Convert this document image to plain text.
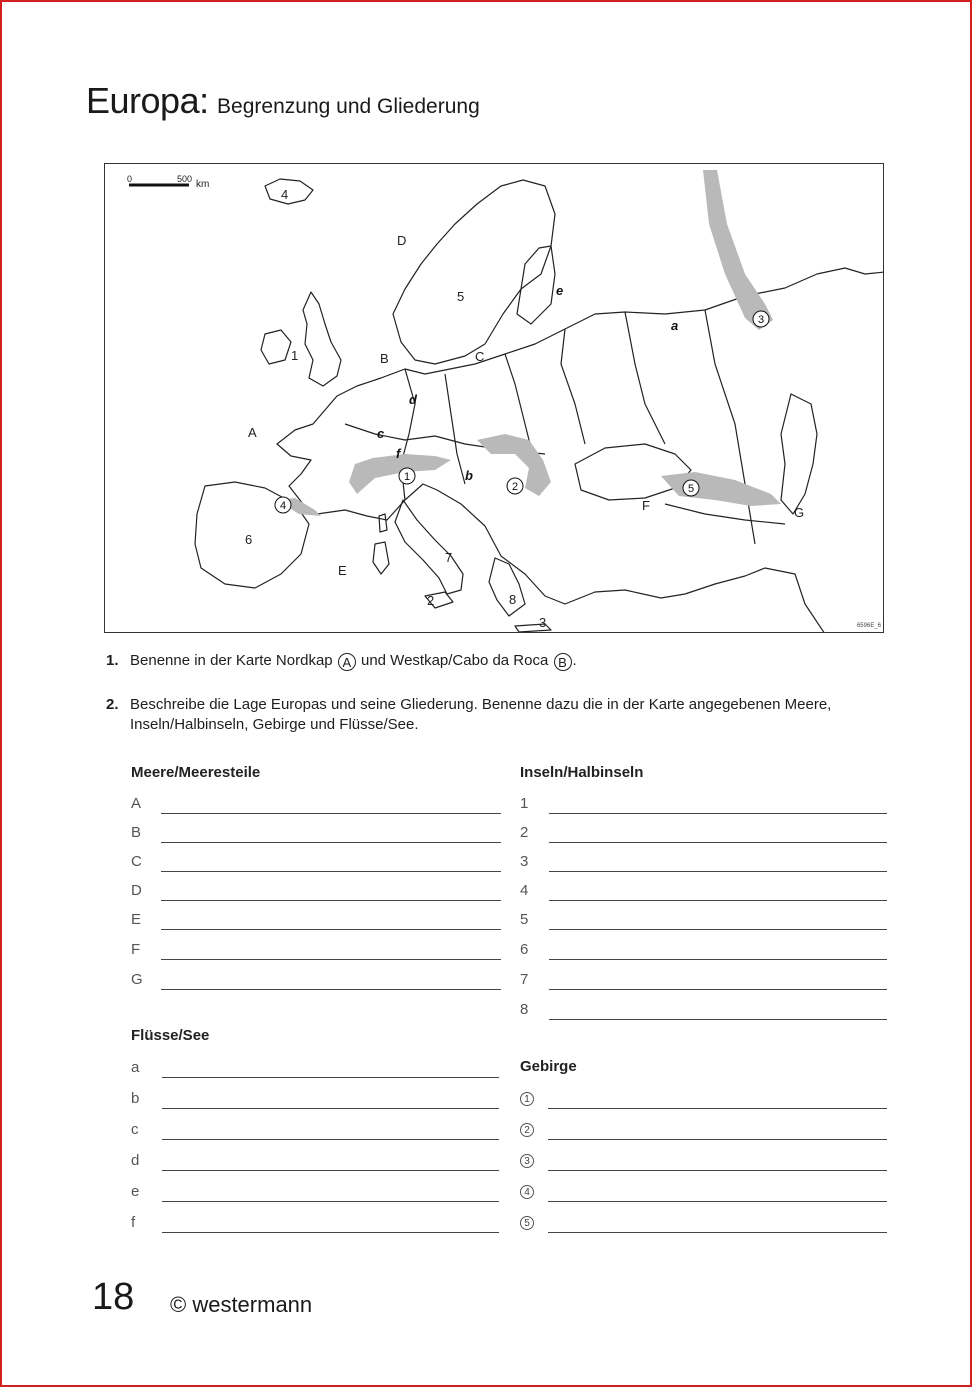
Europa: Begrenzung und Gliederung
0	500 km
3
1
2
4
5
A
B	C
D
E
F	G
1
2
3
4
5
6
7
8
a
b
c
d
e
f
6596E_6
1. Benenne in der Karte Nordkap A und Westkap/Cabo da Roca B .
2. Beschreibe die Lage Europas und seine Gliederung. Benenne dazu die in der Karte angegebenen Meere, Inseln/Halbinseln, Gebirge und Flüsse/See.
Meere/Meeresteile
A
B
C
D
E
F
G
Inseln/Halbinseln
1
2
3
4
5
6
7
8
Flüsse/See
a
b
c
d
e
f
Gebirge
1
2
3
4
5
18 © westermann
